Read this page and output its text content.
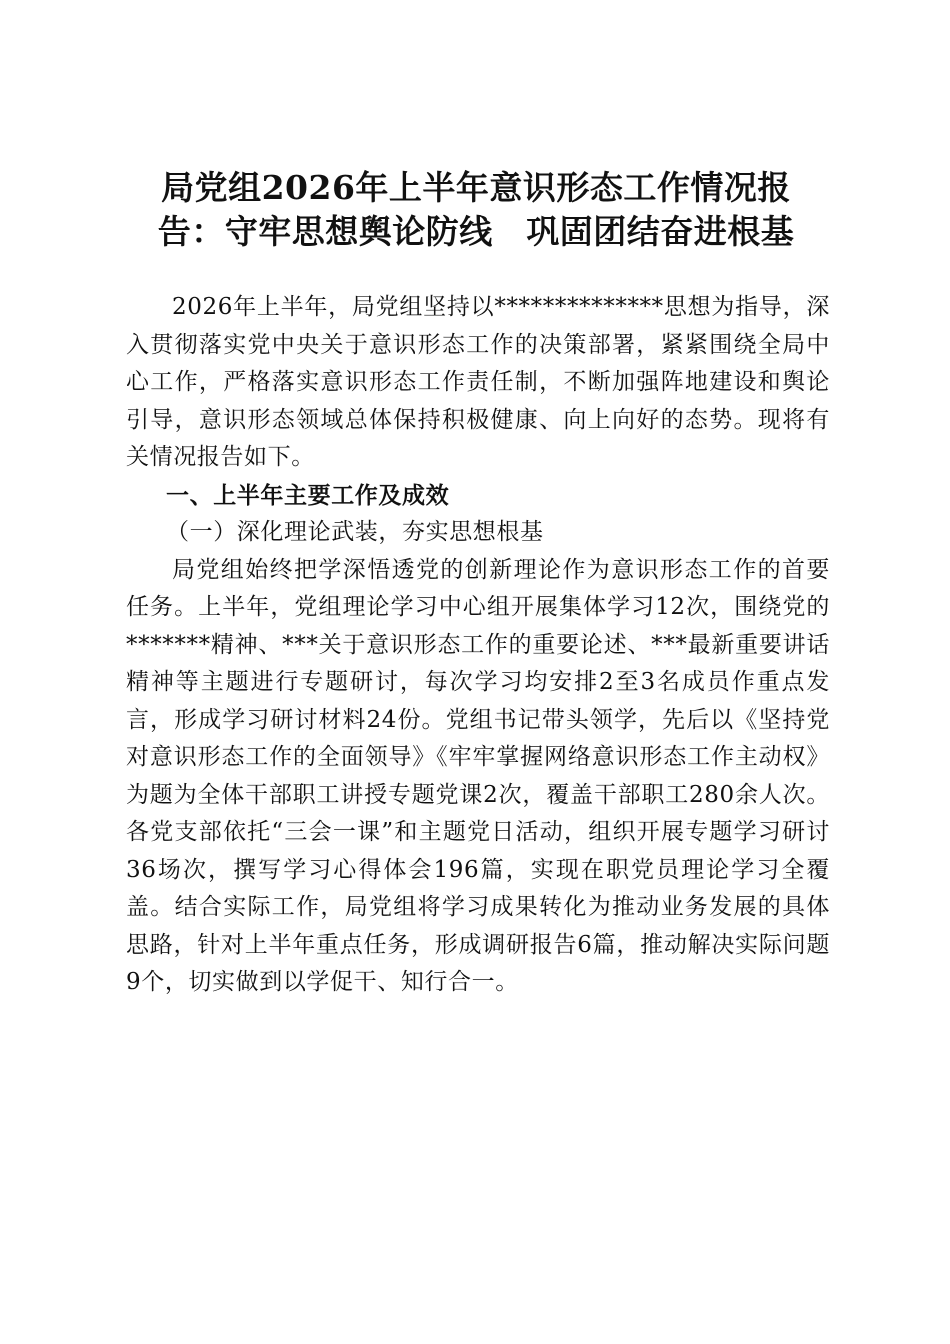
局党组2026年上半年意识形态工作情况报
告：守牢思想舆论防线　巩固团结奋进根基

2026年上半年，局党组坚持以**************思想为指导，深入贯彻落实党中央关于意识形态工作的决策部署，紧紧围绕全局中心工作，严格落实意识形态工作责任制，不断加强阵地建设和舆论引导，意识形态领域总体保持积极健康、向上向好的态势。现将有关情况报告如下。

一、上半年主要工作及成效

（一）深化理论武装，夯实思想根基

局党组始终把学深悟透党的创新理论作为意识形态工作的首要任务。上半年，党组理论学习中心组开展集体学习12次，围绕党的*******精神、***关于意识形态工作的重要论述、***最新重要讲话精神等主题进行专题研讨，每次学习均安排2至3名成员作重点发言，形成学习研讨材料24份。党组书记带头领学，先后以《坚持党对意识形态工作的全面领导》《牢牢掌握网络意识形态工作主动权》为题为全体干部职工讲授专题党课2次，覆盖干部职工280余人次。各党支部依托“三会一课”和主题党日活动，组织开展专题学习研讨36场次，撰写学习心得体会196篇，实现在职党员理论学习全覆盖。结合实际工作，局党组将学习成果转化为推动业务发展的具体思路，针对上半年重点任务，形成调研报告6篇，推动解决实际问题9个，切实做到以学促干、知行合一。
